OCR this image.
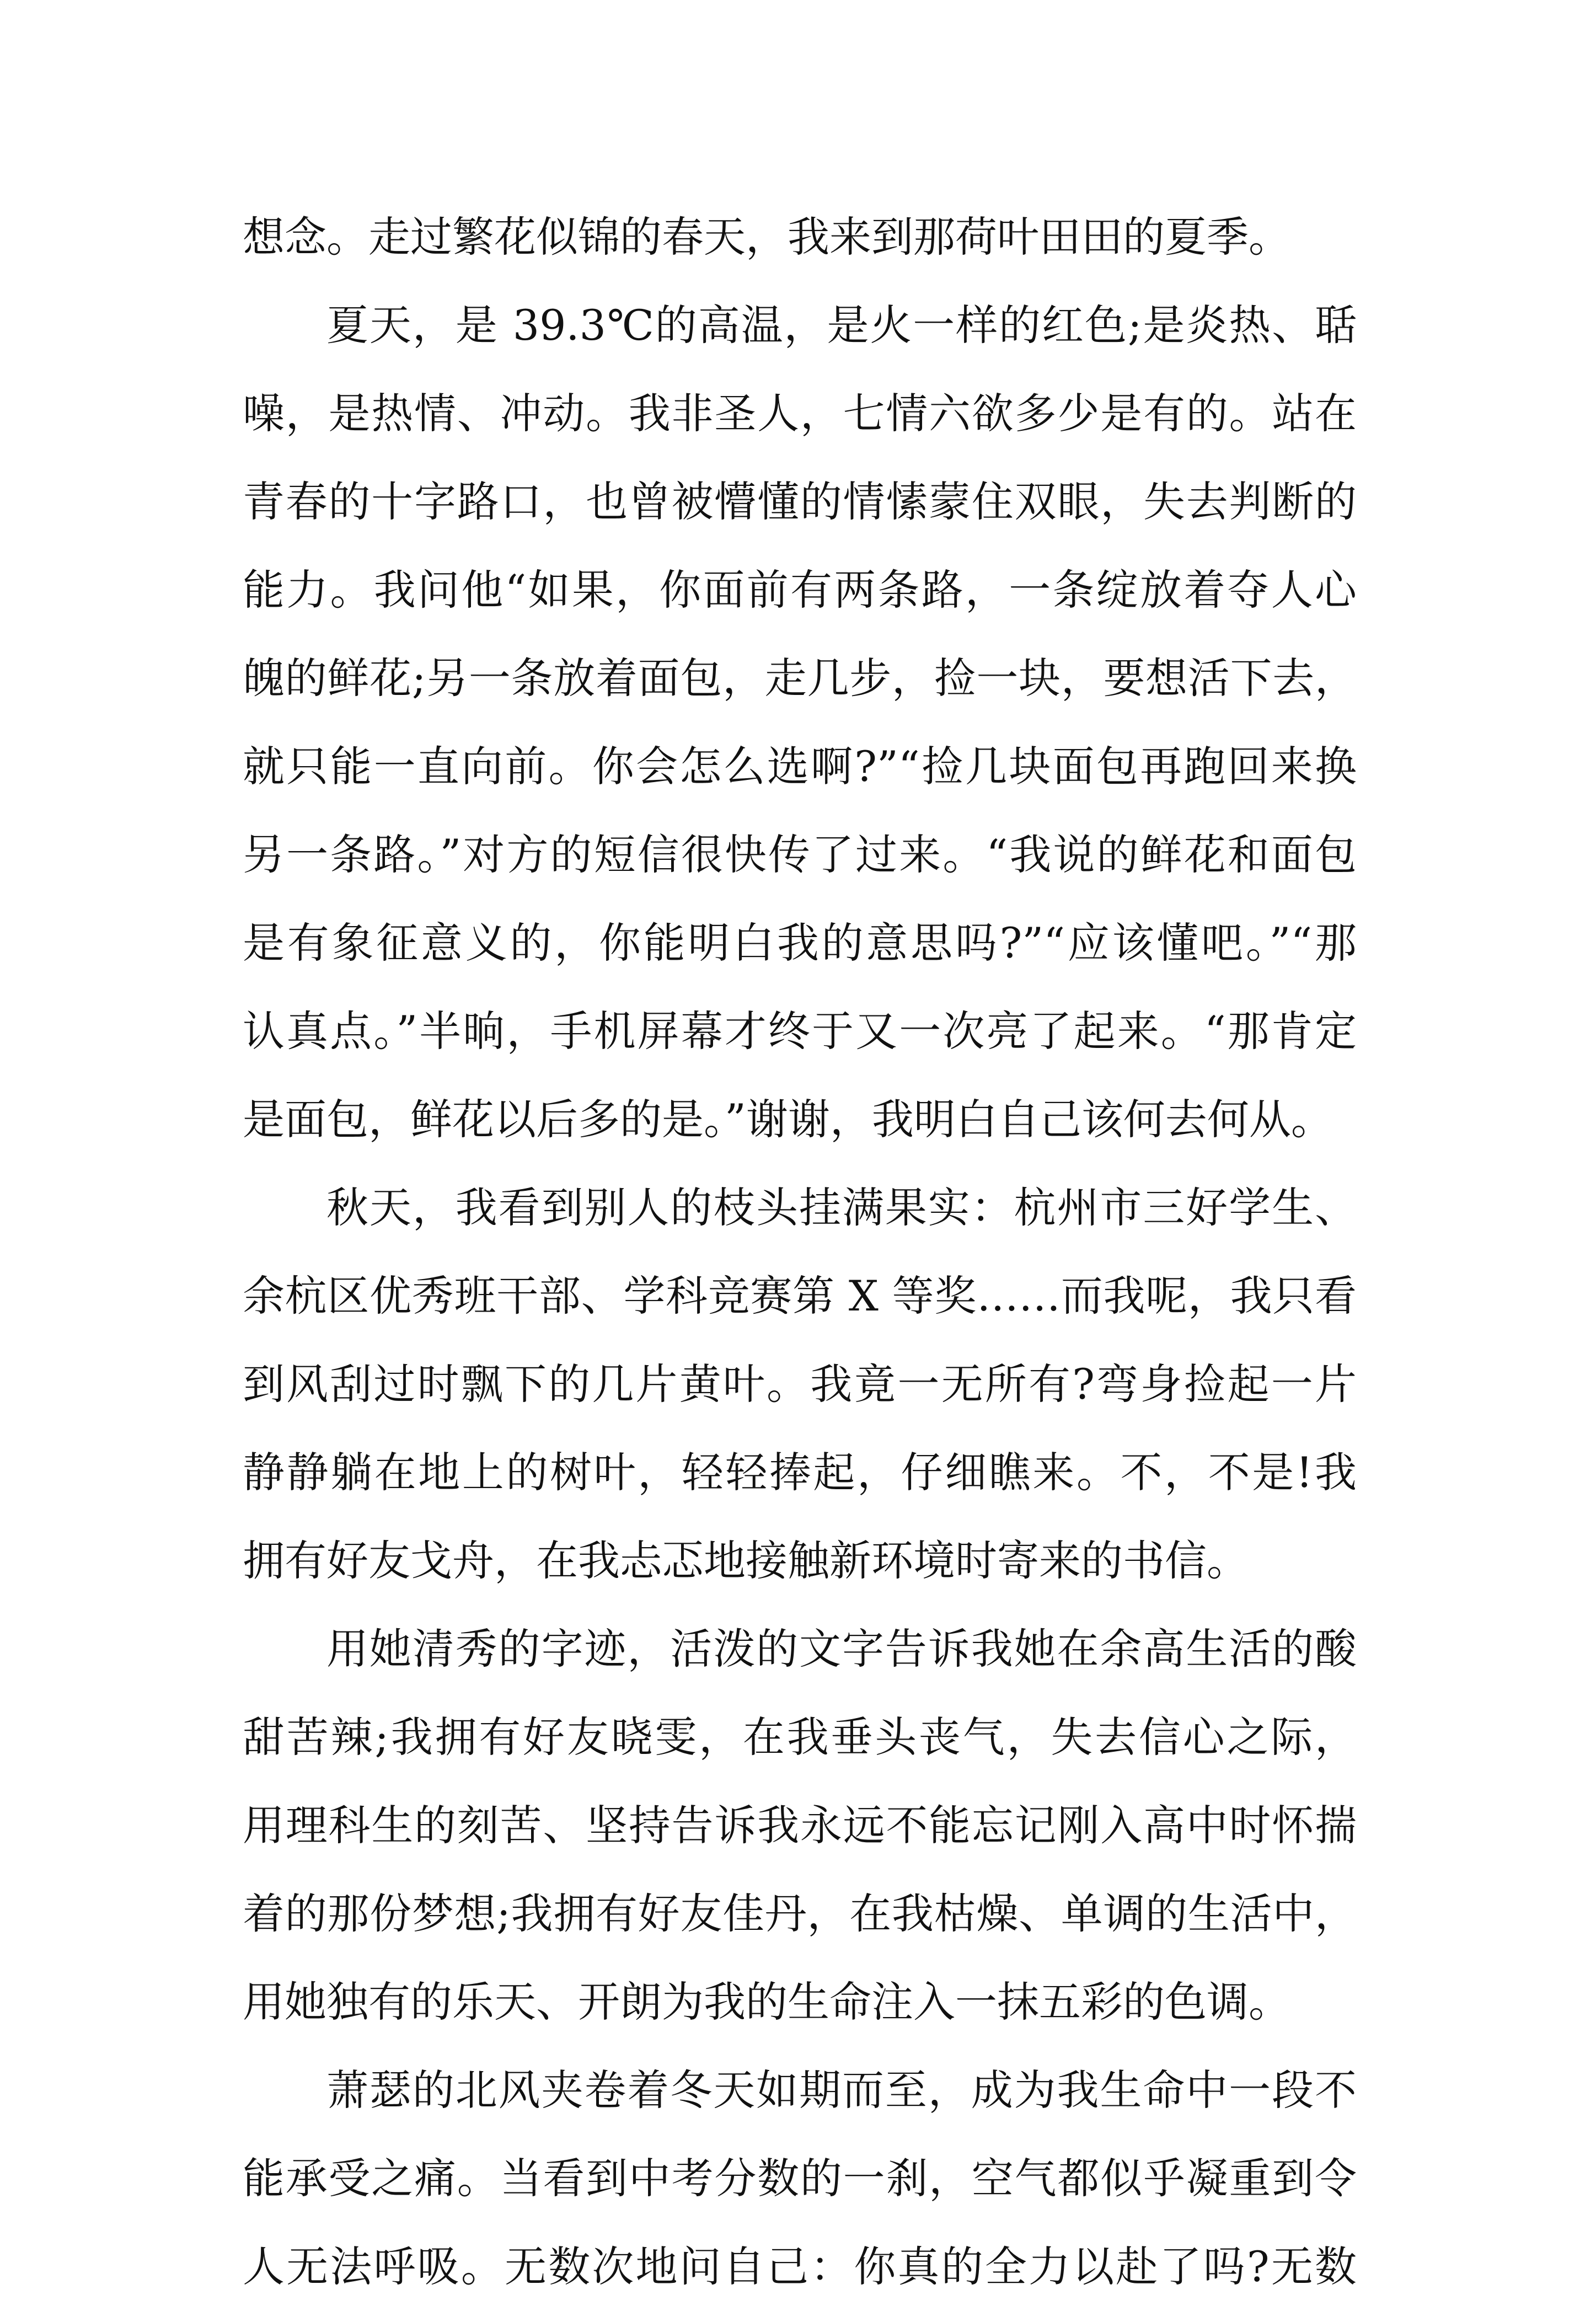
想念。走过繁花似锦的春天，我来到那荷叶田田的夏季。
夏天，是 39.3℃的高温，是火一样的红色;是炎热、聒
噪，是热情、冲动。我非圣人，七情六欲多少是有的。站在
青春的十字路口，也曾被懵懂的情愫蒙住双眼，失去判断的
能力。我问他“如果，你面前有两条路，一条绽放着夺人心
魄的鲜花;另一条放着面包，走几步，捡一块，要想活下去，
就只能一直向前。你会怎么选啊?”“捡几块面包再跑回来换
另一条路。”对方的短信很快传了过来。“我说的鲜花和面包
是有象征意义的，你能明白我的意思吗?”“应该懂吧。”“那
认真点。”半晌，手机屏幕才终于又一次亮了起来。“那肯定
是面包，鲜花以后多的是。”谢谢，我明白自己该何去何从。
秋天，我看到别人的枝头挂满果实：杭州市三好学生、
余杭区优秀班干部、学科竞赛第 X 等奖……而我呢，我只看
到风刮过时飘下的几片黄叶。我竟一无所有?弯身捡起一片
静静躺在地上的树叶，轻轻捧起，仔细瞧来。不，不是!我
拥有好友戈舟，在我忐忑地接触新环境时寄来的书信。
用她清秀的字迹，活泼的文字告诉我她在余高生活的酸
甜苦辣;我拥有好友晓雯，在我垂头丧气，失去信心之际，
用理科生的刻苦、坚持告诉我永远不能忘记刚入高中时怀揣
着的那份梦想;我拥有好友佳丹，在我枯燥、单调的生活中，
用她独有的乐天、开朗为我的生命注入一抹五彩的色调。
萧瑟的北风夹卷着冬天如期而至，成为我生命中一段不
能承受之痛。当看到中考分数的一刹，空气都似乎凝重到令
人无法呼吸。无数次地问自己：你真的全力以赴了吗?无数
